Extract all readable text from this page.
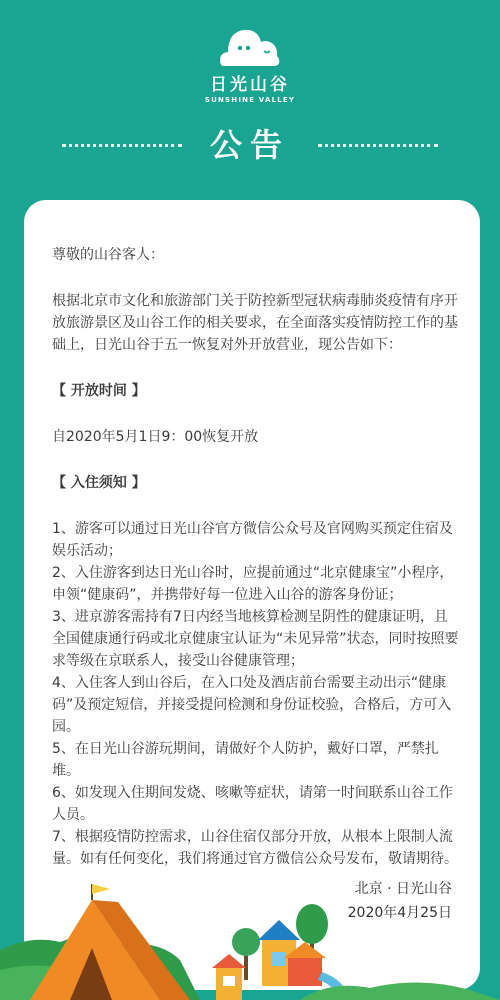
日光山谷
SUNSHINE VALLEY
公告

尊敬的山谷客人：

根据北京市文化和旅游部门关于防控新型冠状病毒肺炎疫情有序开放旅游景区及山谷工作的相关要求，在全面落实疫情防控工作的基础上，日光山谷于五一恢复对外开放营业，现公告如下：

【 开放时间 】

自2020年5月1日9：00恢复开放

【 入住须知 】

1、游客可以通过日光山谷官方微信公众号及官网购买预定住宿及娱乐活动；

2、入住游客到达日光山谷时，应提前通过“北京健康宝”小程序，申领“健康码”，并携带好每一位进入山谷的游客身份证；

3、进京游客需持有7日内经当地核算检测呈阴性的健康证明，且全国健康通行码或北京健康宝认证为“未见异常”状态，同时按照要求等级在京联系人，接受山谷健康管理；

4、入住客人到山谷后，在入口处及酒店前台需要主动出示“健康码”及预定短信，并接受提问检测和身份证校验，合格后，方可入园。

5、在日光山谷游玩期间，请做好个人防护，戴好口罩，严禁扎堆。

6、如发现入住期间发烧、咳嗽等症状，请第一时间联系山谷工作人员。

7、根据疫情防控需求，山谷住宿仅部分开放，从根本上限制人流量。如有任何变化，我们将通过官方微信公众号发布，敬请期待。

北京 · 日光山谷
2020年4月25日
